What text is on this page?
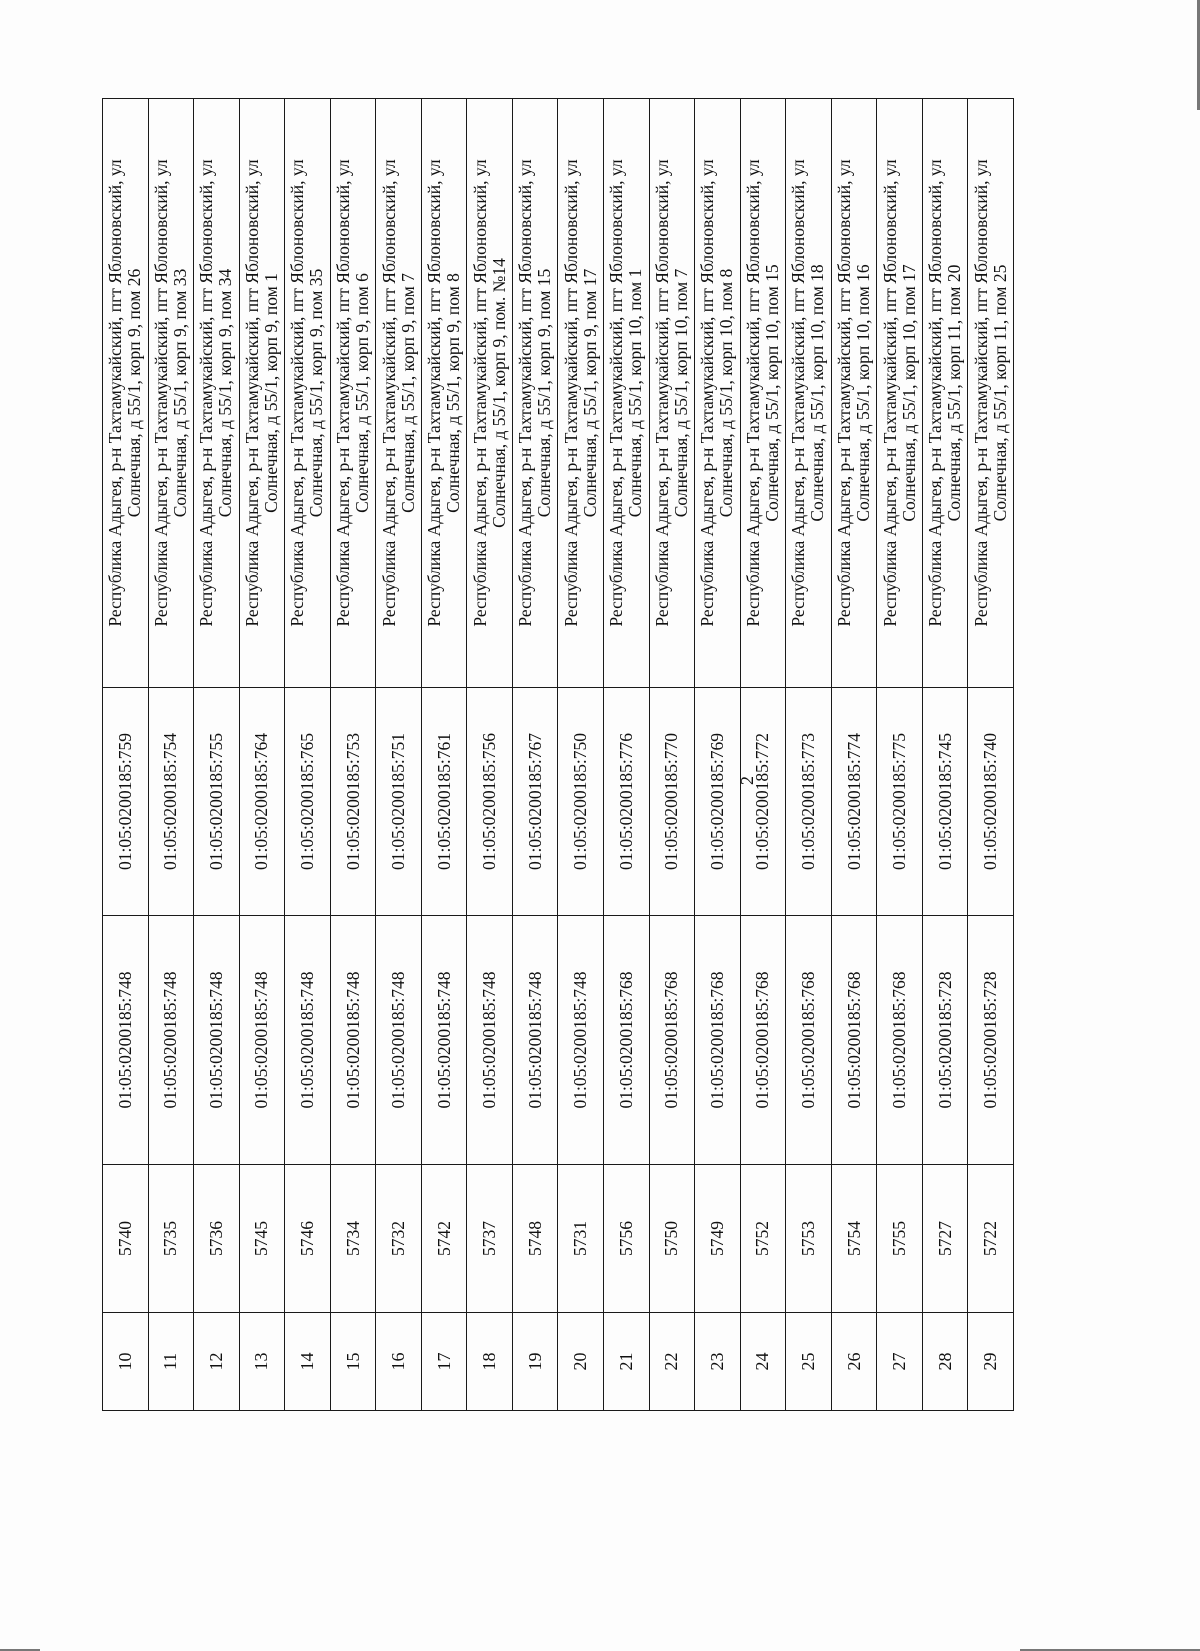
10	5740	01:05:0200185:748	01:05:0200185:759	Республика Адыгея, р-н Тахтамукайский, пгт Яблоновский, ул Солнечная, д 55/1, корп 9, пом 26

11	5735	01:05:0200185:748	01:05:0200185:754	Республика Адыгея, р-н Тахтамукайский, пгт Яблоновский, ул Солнечная, д 55/1, корп 9, пом 33

12	5736	01:05:0200185:748	01:05:0200185:755	Республика Адыгея, р-н Тахтамукайский, пгт Яблоновский, ул Солнечная, д 55/1, корп 9, пом 34

13	5745	01:05:0200185:748	01:05:0200185:764	Республика Адыгея, р-н Тахтамукайский, пгт Яблоновский, ул Солнечная, д 55/1, корп 9, пом 1

14	5746	01:05:0200185:748	01:05:0200185:765	Республика Адыгея, р-н Тахтамукайский, пгт Яблоновский, ул Солнечная, д 55/1, корп 9, пом 35

15	5734	01:05:0200185:748	01:05:0200185:753	Республика Адыгея, р-н Тахтамукайский, пгт Яблоновский, ул Солнечная, д 55/1, корп 9, пом 6

16	5732	01:05:0200185:748	01:05:0200185:751	Республика Адыгея, р-н Тахтамукайский, пгт Яблоновский, ул Солнечная, д 55/1, корп 9, пом 7

17	5742	01:05:0200185:748	01:05:0200185:761	Республика Адыгея, р-н Тахтамукайский, пгт Яблоновский, ул Солнечная, д 55/1, корп 9, пом 8

18	5737	01:05:0200185:748	01:05:0200185:756	Республика Адыгея, р-н Тахтамукайский, пгт Яблоновский, ул Солнечная, д 55/1, корп 9, пом. №14

19	5748	01:05:0200185:748	01:05:0200185:767	Республика Адыгея, р-н Тахтамукайский, пгт Яблоновский, ул Солнечная, д 55/1, корп 9, пом 15

20	5731	01:05:0200185:748	01:05:0200185:750	Республика Адыгея, р-н Тахтамукайский, пгт Яблоновский, ул Солнечная, д 55/1, корп 9, пом 17

21	5756	01:05:0200185:768	01:05:0200185:776	Республика Адыгея, р-н Тахтамукайский, пгт Яблоновский, ул Солнечная, д 55/1, корп 10, пом 1

22	5750	01:05:0200185:768	01:05:0200185:770	Республика Адыгея, р-н Тахтамукайский, пгт Яблоновский, ул Солнечная, д 55/1, корп 10, пом 7

23	5749	01:05:0200185:768	01:05:0200185:769	Республика Адыгея, р-н Тахтамукайский, пгт Яблоновский, ул Солнечная, д 55/1, корп 10, пом 8

24	5752	01:05:0200185:768	01:05:0200185:772	Республика Адыгея, р-н Тахтамукайский, пгт Яблоновский, ул Солнечная, д 55/1, корп 10, пом 15

25	5753	01:05:0200185:768	01:05:0200185:773	Республика Адыгея, р-н Тахтамукайский, пгт Яблоновский, ул Солнечная, д 55/1, корп 10, пом 18

26	5754	01:05:0200185:768	01:05:0200185:774	Республика Адыгея, р-н Тахтамукайский, пгт Яблоновский, ул Солнечная, д 55/1, корп 10, пом 16

27	5755	01:05:0200185:768	01:05:0200185:775	Республика Адыгея, р-н Тахтамукайский, пгт Яблоновский, ул Солнечная, д 55/1, корп 10, пом 17

28	5727	01:05:0200185:728	01:05:0200185:745	Республика Адыгея, р-н Тахтамукайский, пгт Яблоновский, ул Солнечная, д 55/1, корп 11, пом 20

29	5722	01:05:0200185:728	01:05:0200185:740	Республика Адыгея, р-н Тахтамукайский, пгт Яблоновский, ул Солнечная, д 55/1, корп 11, пом 25
2
